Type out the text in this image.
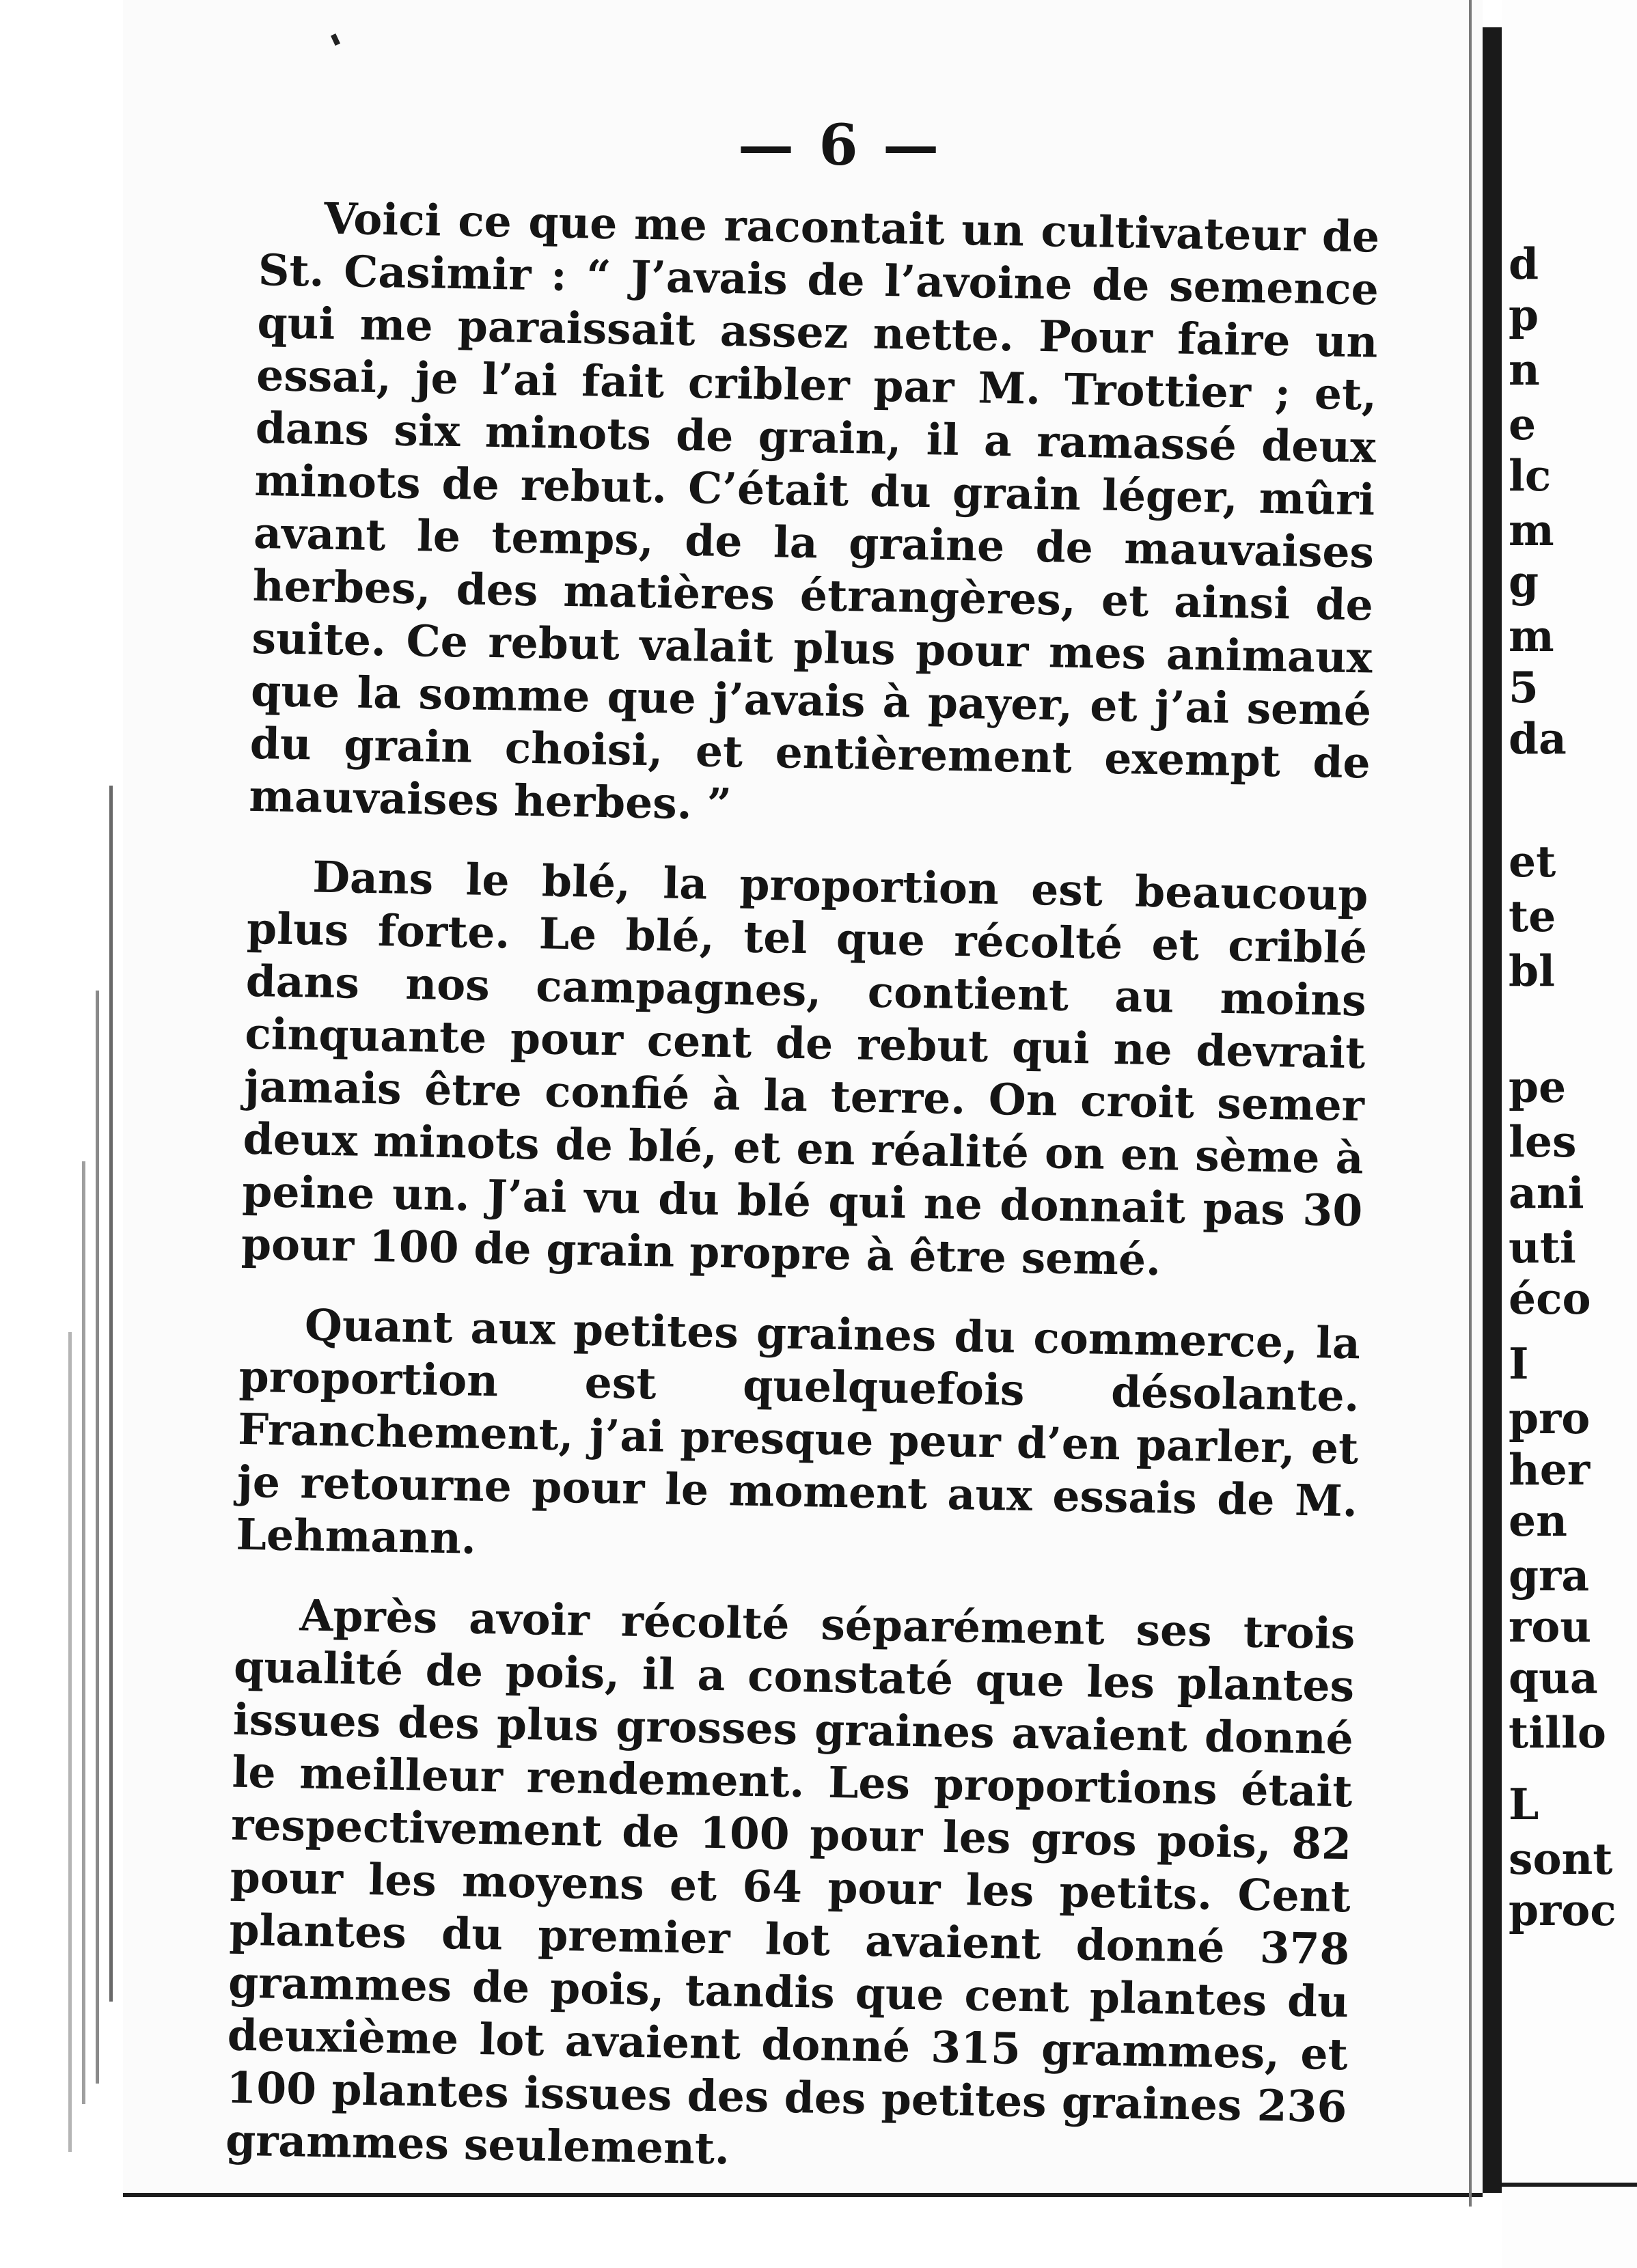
— 6 —

Voici ce que me racontait un cultivateur de St. Casimir : “ J’avais de l’avoine de semence qui me paraissait assez nette. Pour faire un essai, je l’ai fait cribler par M. Trottier ; et, dans six minots de grain, il a ramassé deux minots de rebut. C’était du grain léger, mûri avant le temps, de la graine de mauvaises herbes, des matières étrangères, et ainsi de suite. Ce rebut valait plus pour mes animaux que la somme que j’avais à payer, et j’ai semé du grain choisi, et entièrement exempt de mauvaises herbes. ”

Dans le blé, la proportion est beaucoup plus forte. Le blé, tel que récolté et criblé dans nos campagnes, contient au moins cinquante pour cent de rebut qui ne devrait jamais être confié à la terre. On croit semer deux minots de blé, et en réalité on en sème à peine un. J’ai vu du blé qui ne donnait pas 30 pour 100 de grain propre à être semé.

Quant aux petites graines du commerce, la proportion est quelquefois désolante. Franchement, j’ai presque peur d’en parler, et je retourne pour le moment aux essais de M. Lehmann.

Après avoir récolté séparément ses trois qualité de pois, il a constaté que les plantes issues des plus grosses graines avaient donné le meilleur rendement. Les proportions était respectivement de 100 pour les gros pois, 82 pour les moyens et 64 pour les petits. Cent plantes du premier lot avaient donné 378 grammes de pois, tandis que cent plantes du deuxième lot avaient donné 315 grammes, et 100 plantes issues des des petites graines 236 grammes seulement.

d
p
n
e
lc
m
g
m
5
da
et
te
bl
pe
les
ani
uti
éco
I
pro
her
en
gra
rou
qua
tillo
L
sont
proc
